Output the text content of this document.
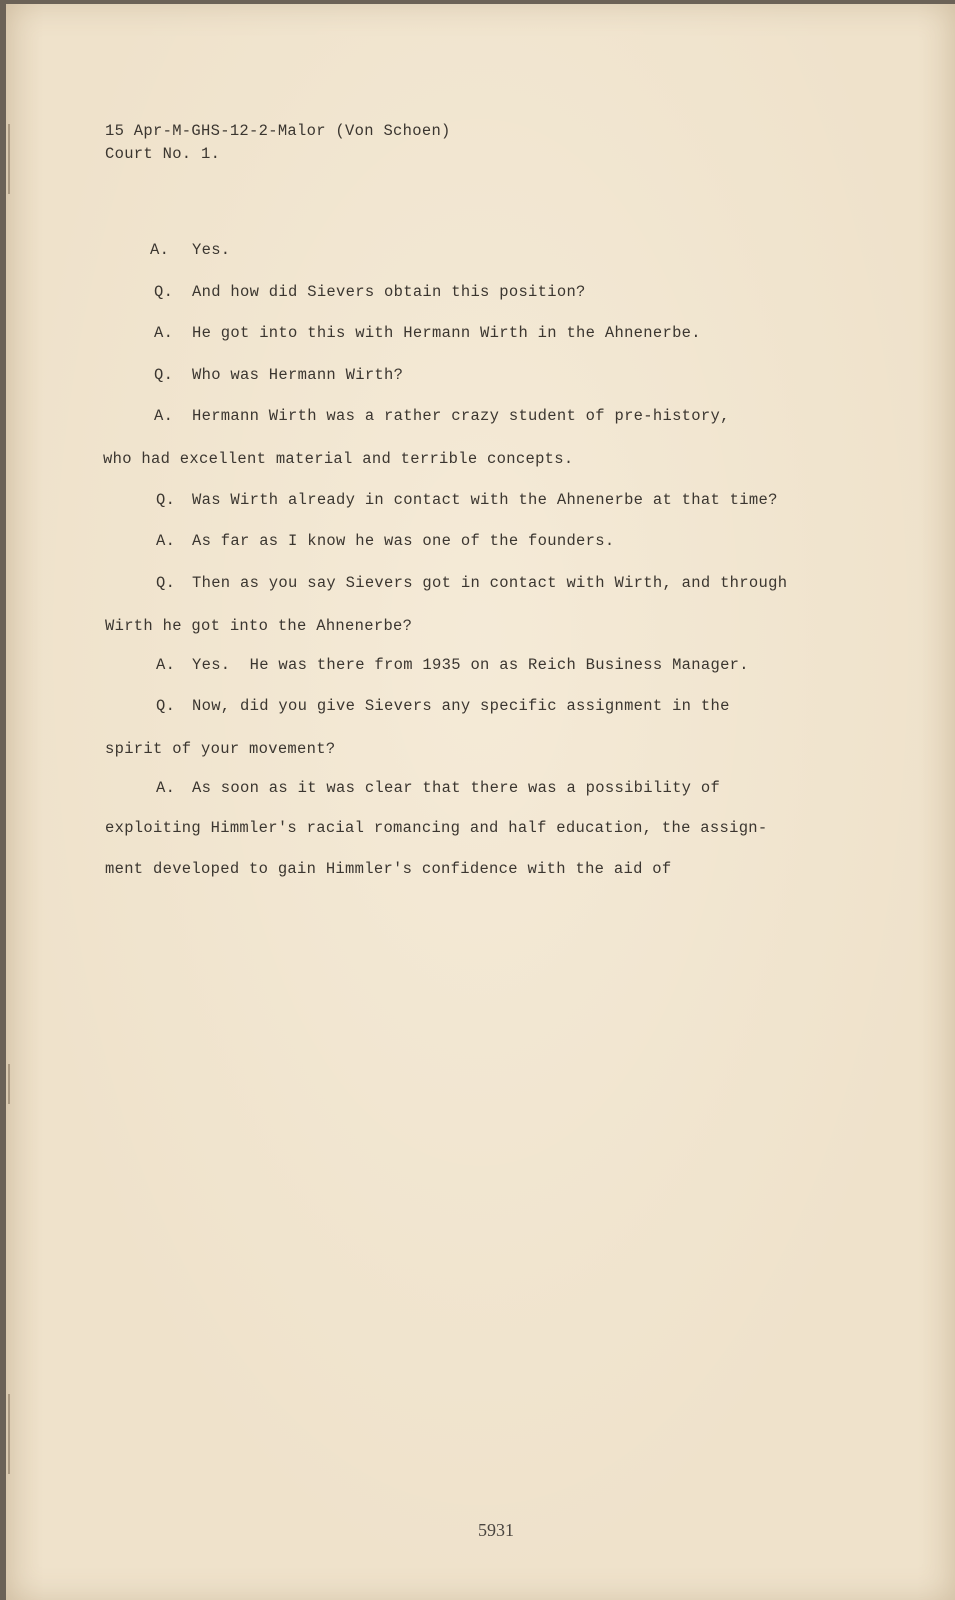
15 Apr-M-GHS-12-2-Malor (Von Schoen)
Court No. 1.
A. Yes.
Q. And how did Sievers obtain this position?
A. He got into this with Hermann Wirth in the Ahnenerbe.
Q. Who was Hermann Wirth?
A. Hermann Wirth was a rather crazy student of pre-history,
who had excellent material and terrible concepts.
Q. Was Wirth already in contact with the Ahnenerbe at that time?
A. As far as I know he was one of the founders.
Q. Then as you say Sievers got in contact with Wirth, and through
Wirth he got into the Ahnenerbe?
A. Yes.  He was there from 1935 on as Reich Business Manager.
Q. Now, did you give Sievers any specific assignment in the
spirit of your movement?
A. As soon as it was clear that there was a possibility of
exploiting Himmler's racial romancing and half education, the assign-
ment developed to gain Himmler's confidence with the aid of
5931
